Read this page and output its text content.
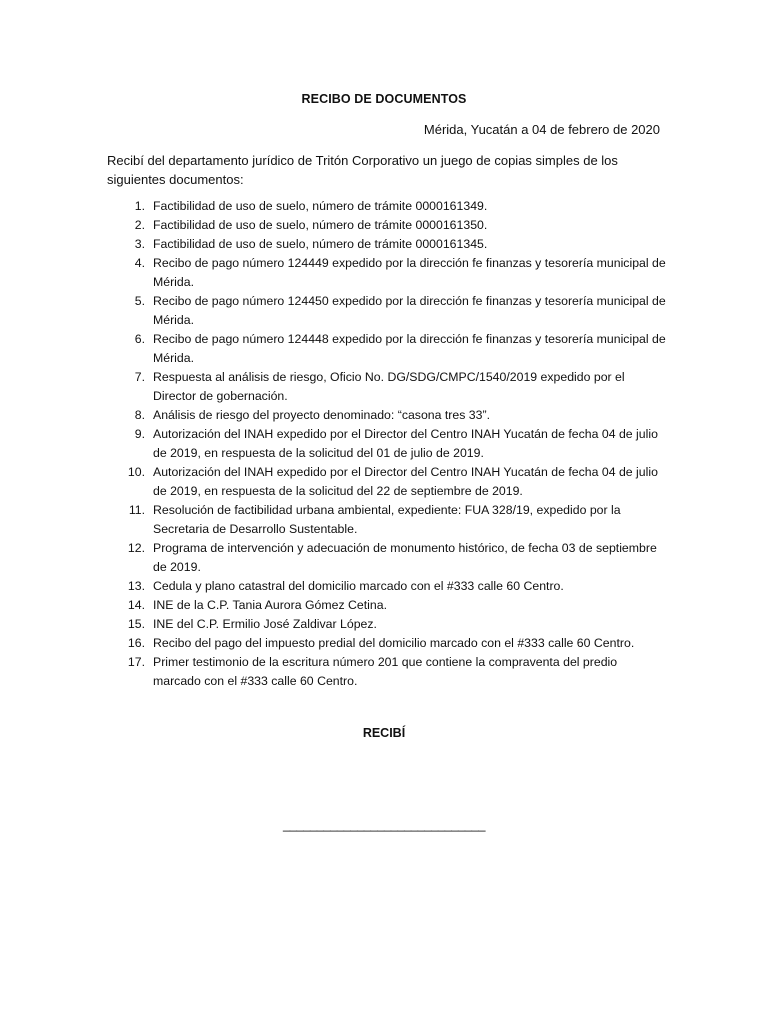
RECIBO DE DOCUMENTOS
Mérida, Yucatán a 04 de febrero de 2020
Recibí del departamento jurídico de Tritón Corporativo un juego de copias simples de los siguientes documentos:
1. Factibilidad de uso de suelo, número de trámite 0000161349.
2. Factibilidad de uso de suelo, número de trámite 0000161350.
3. Factibilidad de uso de suelo, número de trámite 0000161345.
4. Recibo de pago número 124449 expedido por la dirección fe finanzas y tesorería municipal de Mérida.
5. Recibo de pago número 124450 expedido por la dirección fe finanzas y tesorería municipal de Mérida.
6. Recibo de pago número 124448 expedido por la dirección fe finanzas y tesorería municipal de Mérida.
7. Respuesta al análisis de riesgo, Oficio No. DG/SDG/CMPC/1540/2019 expedido por el Director de gobernación.
8. Análisis de riesgo del proyecto denominado: “casona tres 33”.
9. Autorización del INAH expedido por el Director del Centro INAH Yucatán de fecha 04 de julio de 2019, en respuesta de la solicitud del 01 de julio de 2019.
10. Autorización del INAH expedido por el Director del Centro INAH Yucatán de fecha 04 de julio de 2019, en respuesta de la solicitud del 22 de septiembre de 2019.
11. Resolución de factibilidad urbana ambiental, expediente: FUA 328/19, expedido por la Secretaria de Desarrollo Sustentable.
12. Programa de intervención y adecuación de monumento histórico, de fecha 03 de septiembre de 2019.
13. Cedula y plano catastral del domicilio marcado con el #333 calle 60 Centro.
14. INE de la C.P. Tania Aurora Gómez Cetina.
15. INE del C.P. Ermilio José Zaldivar López.
16. Recibo del pago del impuesto predial del domicilio marcado con el #333 calle 60 Centro.
17. Primer testimonio de la escritura número 201 que contiene la compraventa del predio marcado con el #333 calle 60 Centro.
RECIBÍ
______________________________
